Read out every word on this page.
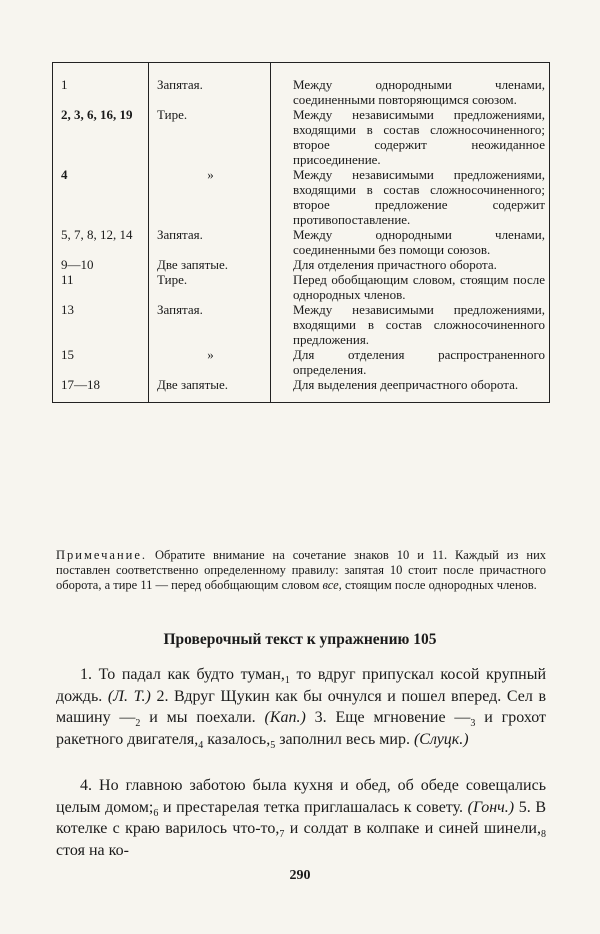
1	Запятая.	Между однородными членами, соединенными повторяющимся союзом.
2, 3, 6, 16, 19	Тире.	Между независимыми предложениями, входящими в состав сложносочиненного; второе содержит неожиданное присоединение.
4	»	Между независимыми предложениями, входящими в состав сложносочиненного; второе предложение содержит противопоставление.
5, 7, 8, 12, 14	Запятая.	Между однородными членами, соединенными без помощи союзов.
9—10	Две запятые.	Для отделения причастного оборота.
11	Тире.	Перед обобщающим словом, стоящим после однородных членов.
13	Запятая.	Между независимыми предложениями, входящими в состав сложносочиненного предложения.
15	»	Для отделения распространенного определения.
17—18	Две запятые.	Для выделения деепричастного оборота.
Примечание. Обратите внимание на сочетание знаков 10 и 11. Каждый из них поставлен соответственно определенному правилу: запятая 10 стоит после причастного оборота, а тире 11 — перед обобщающим словом все, стоящим после однородных членов.
Проверочный текст к упражнению 105
1. То падал как будто $туман,_1$ то вдруг припускал косой крупный дождь. (Л. Т.) 2. Вдруг Щукин как бы очнулся и пошел вперед. Сел в машину $—_2$ и мы поехали. (Кап.) 3. Еще мгновение $—_3$ и грохот ракетного $двигателя,_4$ $казалось,_5$ заполнил весь мир. (Слуцк.)
4. Но главною заботою была кухня и обед, об обеде совещались целым $домом;_6$ и престарелая тетка приглашалась к совету. (Гонч.) 5. В котелке с краю варилось что-$то,_7$ и солдат в колпаке и синей $шинели,_8$ стоя на ко-
290
